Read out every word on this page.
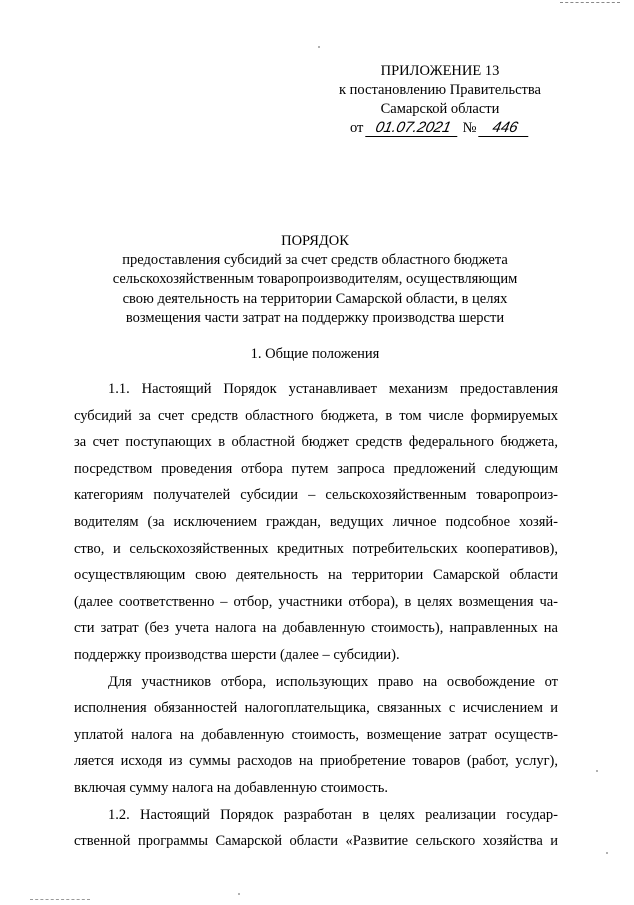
ПРИЛОЖЕНИЕ 13
к постановлению Правительства
Самарской области
от 01.07.2021 № 446
ПОРЯДОК
предоставления субсидий за счет средств областного бюджета
сельскохозяйственным товаропроизводителям, осуществляющим
свою деятельность на территории Самарской области, в целях
возмещения части затрат на поддержку производства шерсти
1. Общие положения
1.1. Настоящий Порядок устанавливает механизм предоставления
субсидий за счет средств областного бюджета, в том числе формируемых
за счет поступающих в областной бюджет средств федерального бюджета,
посредством проведения отбора путем запроса предложений следующим
категориям получателей субсидии – сельскохозяйственным товаропроиз-
водителям (за исключением граждан, ведущих личное подсобное хозяй-
ство, и сельскохозяйственных кредитных потребительских кооперативов),
осуществляющим свою деятельность на территории Самарской области
(далее соответственно – отбор, участники отбора), в целях возмещения ча-
сти затрат (без учета налога на добавленную стоимость), направленных на
поддержку производства шерсти (далее – субсидии).
Для участников отбора, использующих право на освобождение от
исполнения обязанностей налогоплательщика, связанных с исчислением и
уплатой налога на добавленную стоимость, возмещение затрат осуществ-
ляется исходя из суммы расходов на приобретение товаров (работ, услуг),
включая сумму налога на добавленную стоимость.
1.2. Настоящий Порядок разработан в целях реализации государ-
ственной программы Самарской области «Развитие сельского хозяйства и
